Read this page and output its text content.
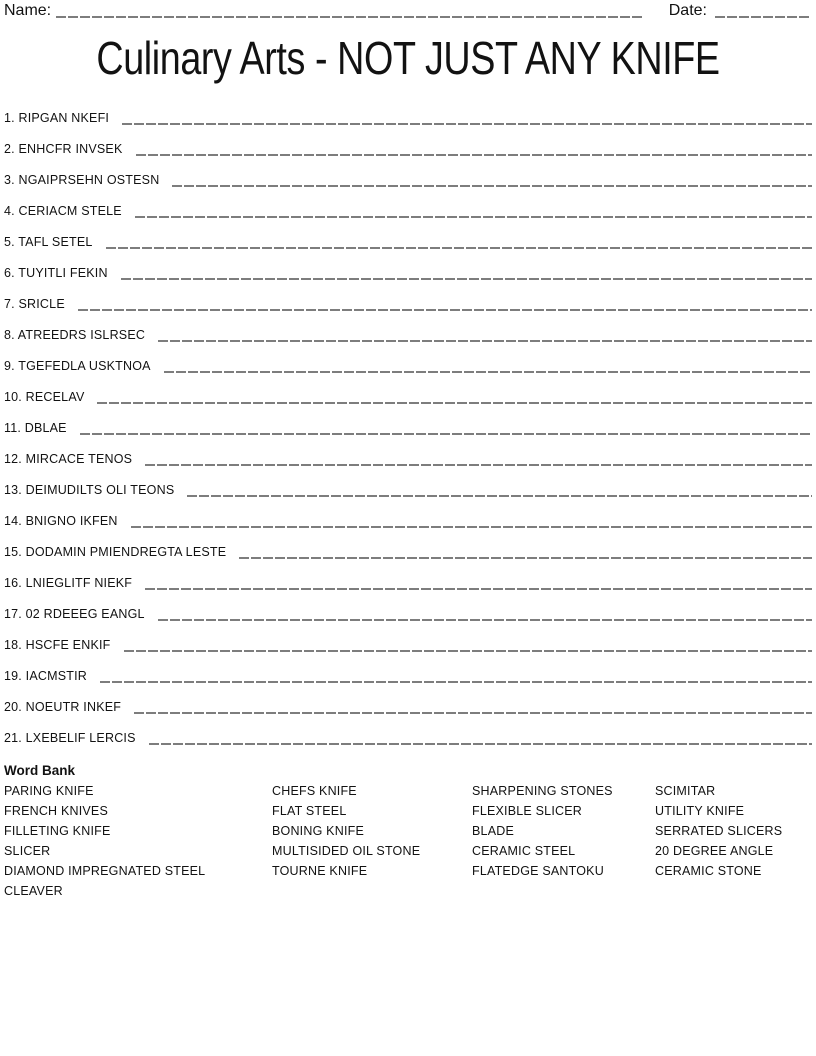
Name:	Date:
Culinary Arts - NOT JUST ANY KNIFE
1. RIPGAN NKEFI
2. ENHCFR INVSEK
3. NGAIPRSEHN OSTESN
4. CERIACM STELE
5. TAFL SETEL
6. TUYITLI FEKIN
7. SRICLE
8. ATREEDRS ISLRSEC
9. TGEFEDLA USKTNOA
10. RECELAV
11. DBLAE
12. MIRCACE TENOS
13. DEIMUDILTS OLI TEONS
14. BNIGNO IKFEN
15. DODAMIN PMIENDREGTA LESTE
16. LNIEGLITF NIEKF
17. 02 RDEEEG EANGL
18. HSCFE ENKIF
19. IACMSTIR
20. NOEUTR INKEF
21. LXEBELIF LERCIS
Word Bank
PARING KNIFE
FRENCH KNIVES
FILLETING KNIFE
SLICER
DIAMOND IMPREGNATED STEEL
CLEAVER
CHEFS KNIFE
FLAT STEEL
BONING KNIFE
MULTISIDED OIL STONE
TOURNE KNIFE
SHARPENING STONES
FLEXIBLE SLICER
BLADE
CERAMIC STEEL
FLATEDGE SANTOKU
SCIMITAR
UTILITY KNIFE
SERRATED SLICERS
20 DEGREE ANGLE
CERAMIC STONE
